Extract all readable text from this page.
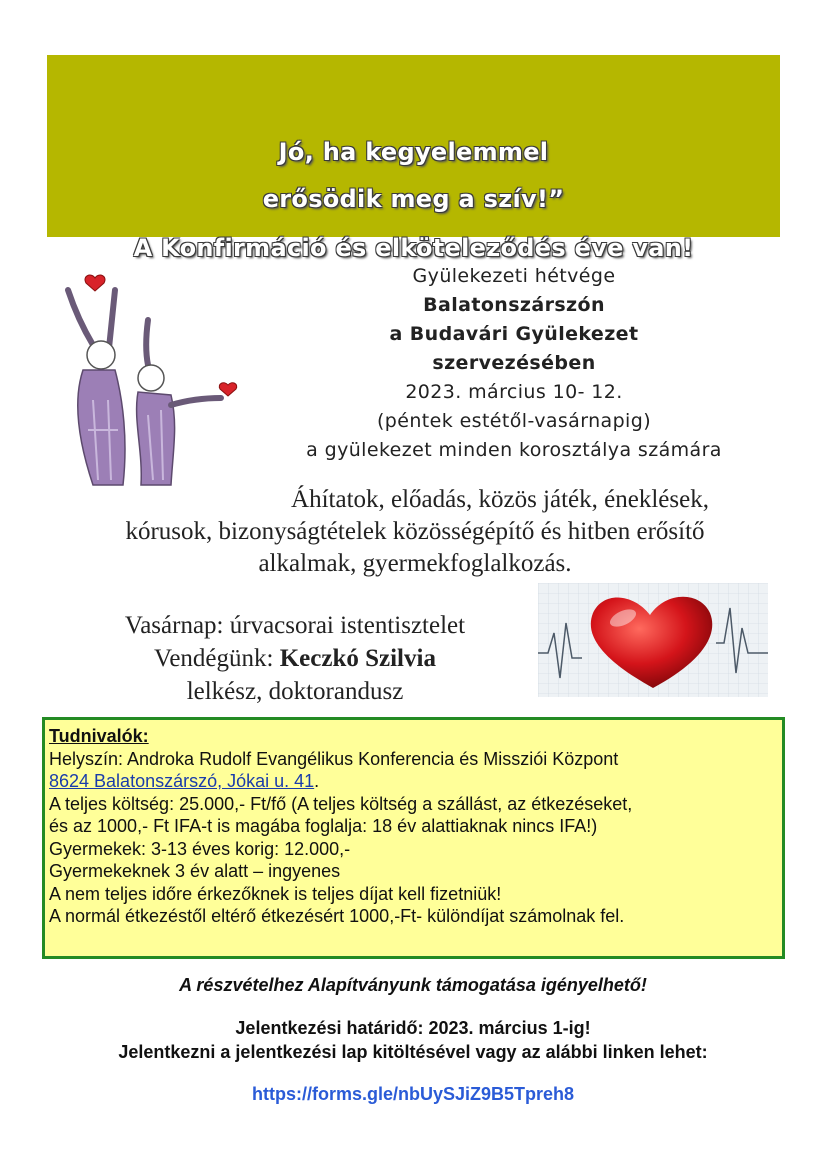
Jó, ha kegyelemmel
erősödik meg a szív!”
A Konfirmáció és elköteleződés éve van!
Gyülekezeti hétvége
Balatonszárszón
a Budavári Gyülekezet
szervezésében
2023. március 10- 12.
(péntek estétől-vasárnapig)
a gyülekezet minden korosztálya számára
Áhítatok, előadás, közös játék, éneklések,
kórusok, bizonyságtételek közösségépítő és hitben erősítő
alkalmak, gyermekfoglalkozás.
Vasárnap: úrvacsorai istentisztelet
Vendégünk: Keczkó Szilvia
lelkész, doktorandusz
Tudnivalók:
Helyszín: Androka Rudolf Evangélikus Konferencia és Missziói Központ
8624 Balatonszárszó, Jókai u. 41.
A teljes költség: 25.000,- Ft/fő (A teljes költség a szállást, az étkezéseket,
és az 1000,- Ft IFA-t is magába foglalja: 18 év alattiaknak nincs IFA!)
Gyermekek: 3-13 éves korig: 12.000,-
Gyermekeknek 3 év alatt – ingyenes
A nem teljes időre érkezőknek is teljes díjat kell fizetniük!
A normál étkezéstől eltérő étkezésért 1000,-Ft- különdíjat számolnak fel.
A részvételhez Alapítványunk támogatása igényelhető!
Jelentkezési határidő: 2023. március 1-ig!
Jelentkezni a jelentkezési lap kitöltésével vagy az alábbi linken lehet:
https://forms.gle/nbUySJiZ9B5Tpreh8
